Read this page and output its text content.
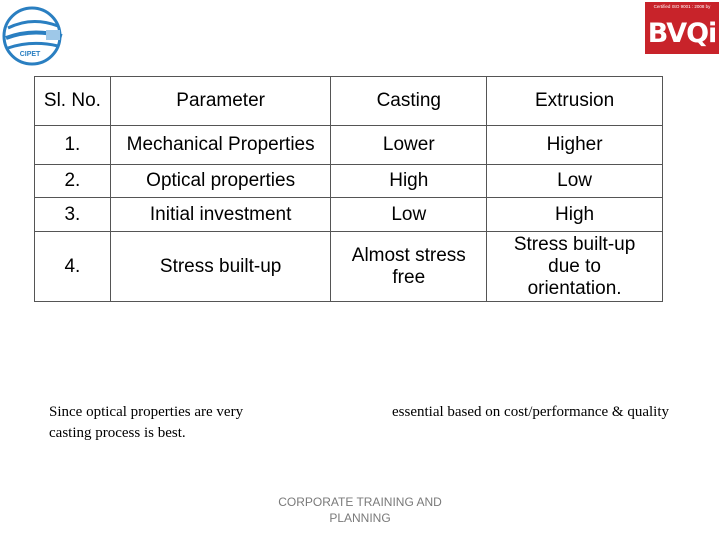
CIPET
Certified ISO 9001 : 2008 by
BVQi
Sl. No.	Parameter	Casting	Extrusion
1.	Mechanical Properties	Lower	Higher
2.	Optical properties	High	Low
3.	Initial investment	Low	High
4.	Stress built-up	Almost stress free	Stress built-up due to orientation.
Since optical properties are very	essential based on cost/performance & quality
casting process is best.
CORPORATE TRAINING AND PLANNING
